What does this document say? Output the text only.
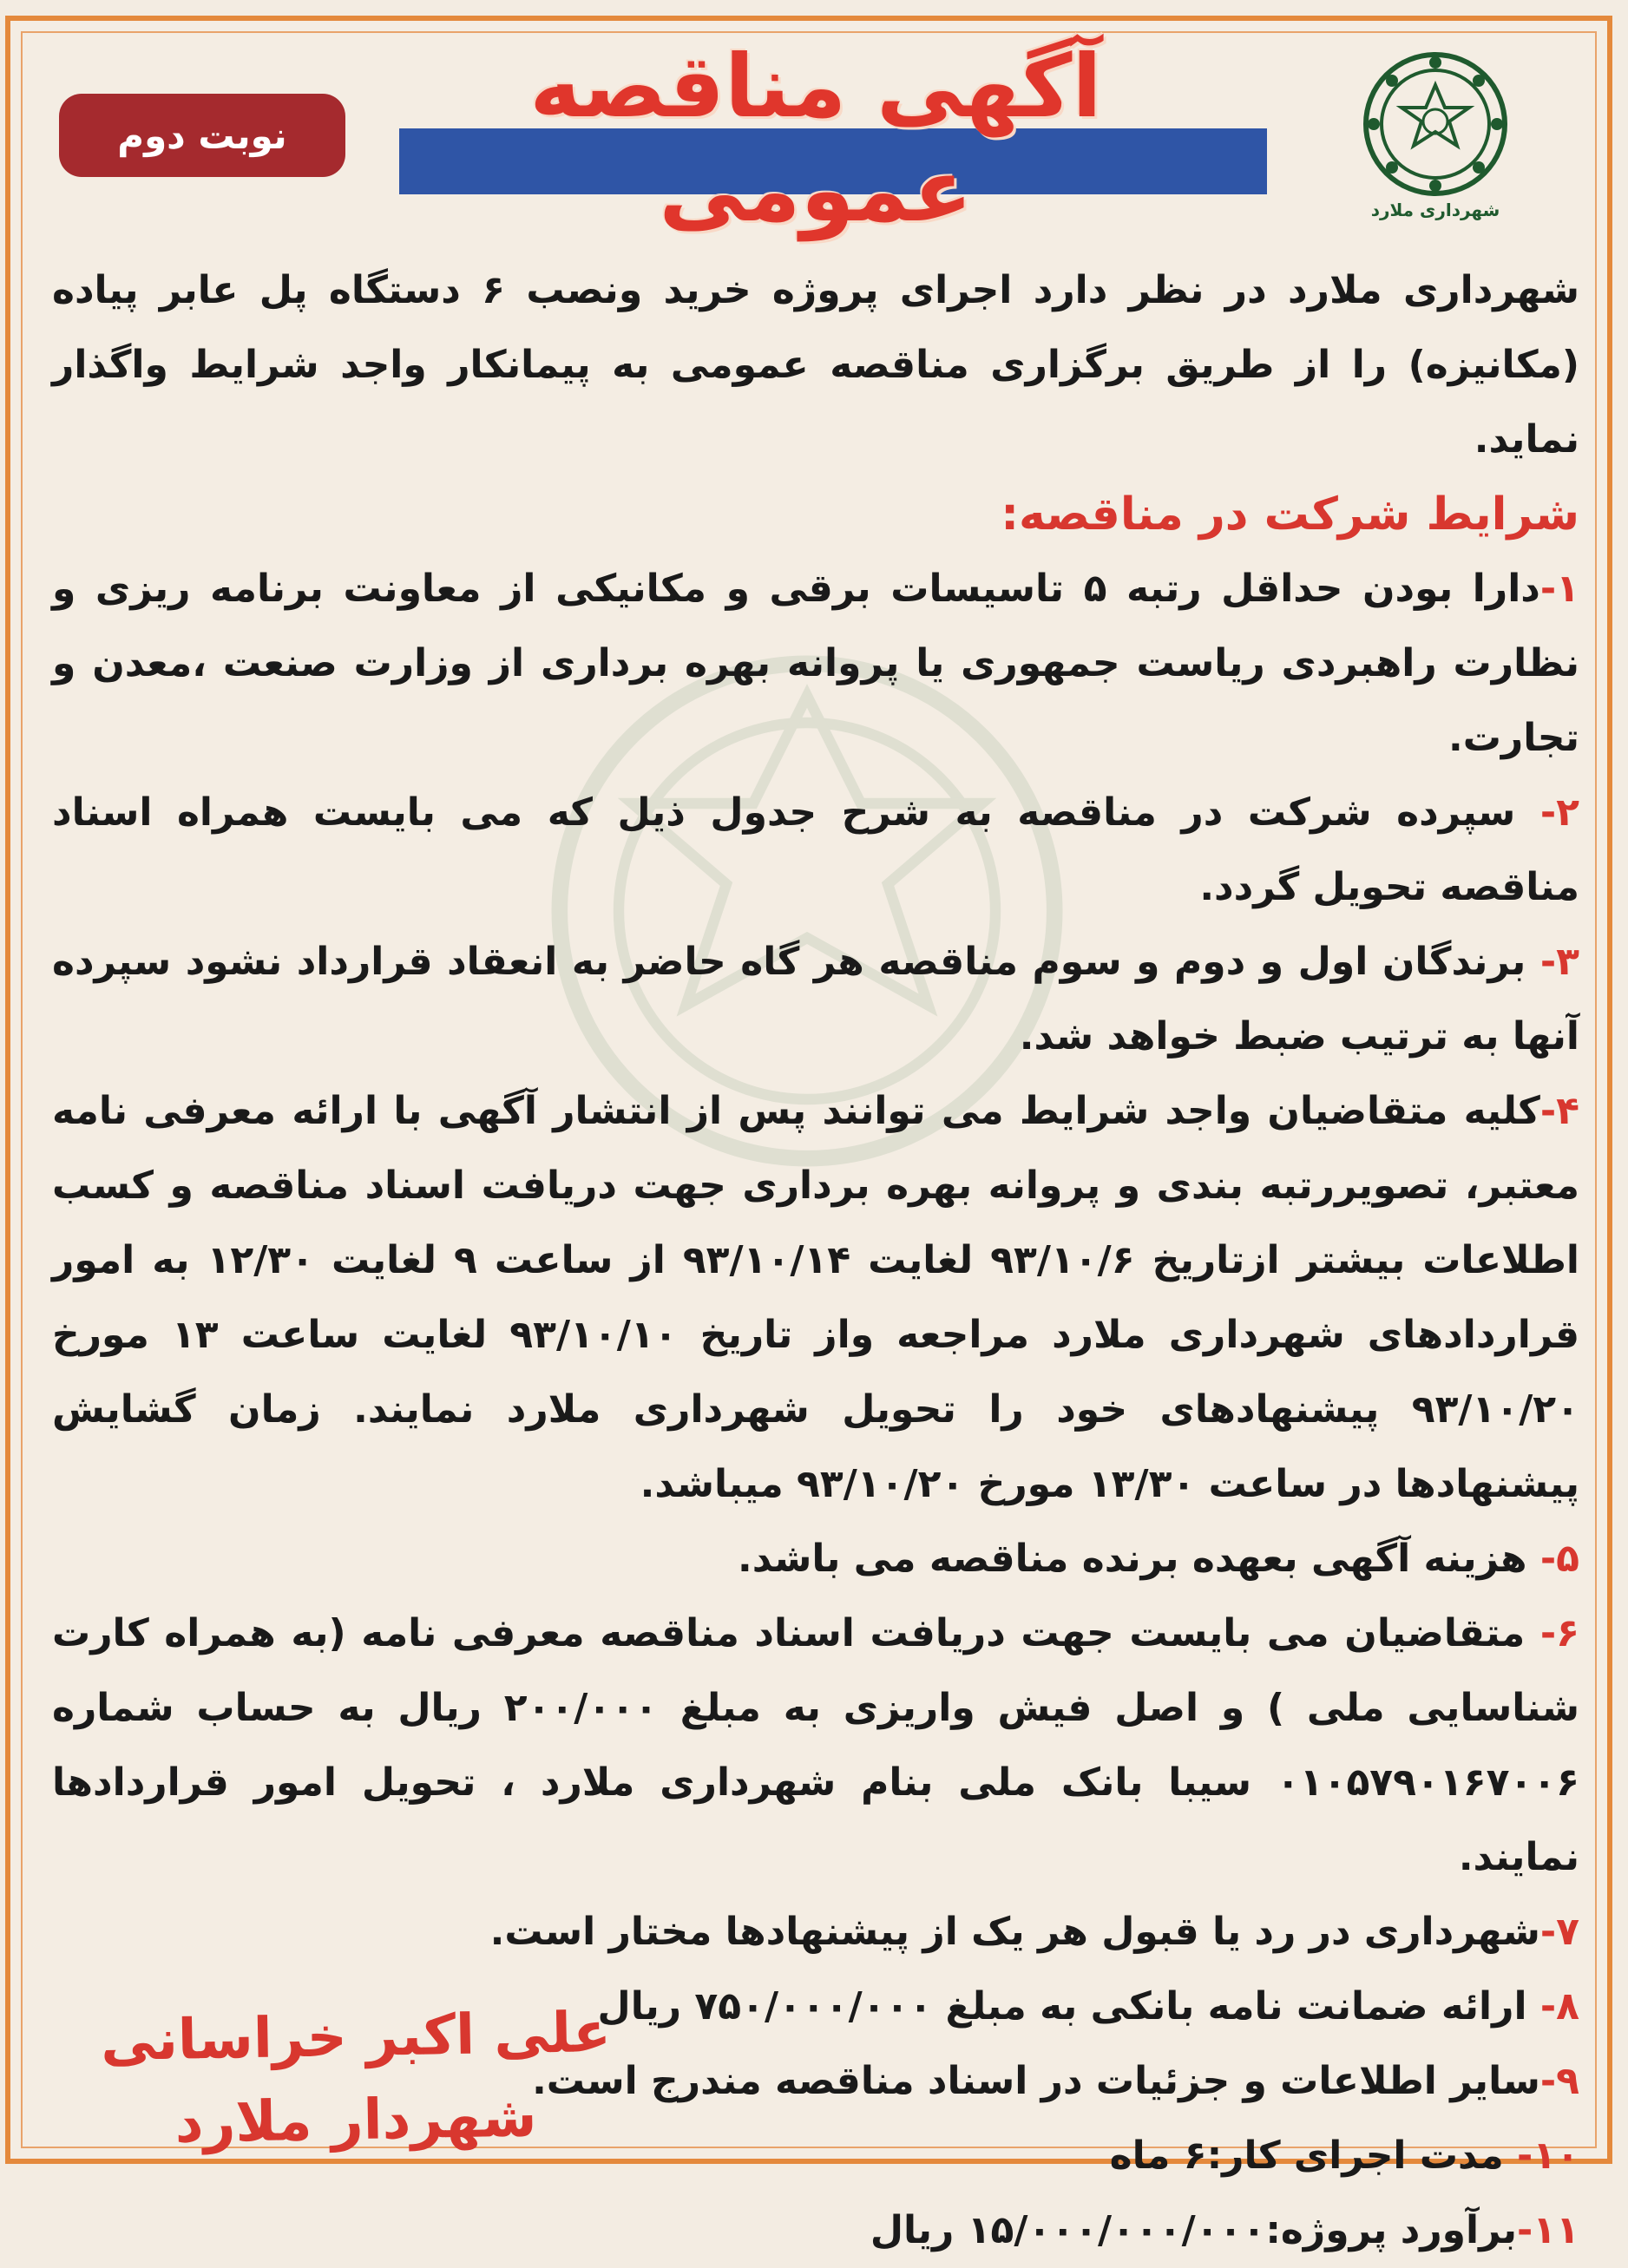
شهرداری ملارد
آگهی مناقصه عمومی
نوبت دوم

شهرداری ملارد در نظر دارد اجرای پروژه خرید ونصب ۶ دستگاه پل عابر پیاده (مکانیزه) را از طریق برگزاری مناقصه عمومی به پیمانکار واجد شرایط واگذار نماید.

شرایط شرکت در مناقصه:

۱-دارا بودن حداقل رتبه ۵ تاسیسات برقی و مکانیکی از معاونت برنامه ریزی و نظارت راهبردی ریاست جمهوری یا پروانه بهره برداری از وزارت صنعت ،معدن و تجارت.

۲- سپرده شرکت در مناقصه به شرح جدول ذیل که می بایست همراه اسناد مناقصه تحویل گردد.

۳- برندگان اول و دوم و سوم مناقصه هر گاه حاضر به انعقاد قرارداد نشود سپرده آنها به ترتیب ضبط خواهد شد.

۴-کلیه متقاضیان واجد شرایط می توانند پس از انتشار آگهی با ارائه معرفی نامه معتبر، تصویررتبه بندی و پروانه بهره برداری جهت دریافت اسناد مناقصه و کسب اطلاعات بیشتر ازتاریخ ۹۳/۱۰/۶ لغایت ۹۳/۱۰/۱۴ از ساعت ۹ لغایت ۱۲/۳۰ به امور قراردادهای شهرداری ملارد مراجعه واز تاریخ ۹۳/۱۰/۱۰ لغایت ساعت ۱۳ مورخ ۹۳/۱۰/۲۰ پیشنهادهای خود را تحویل شهرداری ملارد نمایند. زمان گشایش پیشنهادها در ساعت ۱۳/۳۰ مورخ ۹۳/۱۰/۲۰ میباشد.

۵- هزینه آگهی بعهده برنده مناقصه می باشد.

۶- متقاضیان می بایست جهت دریافت اسناد مناقصه معرفی نامه (به همراه کارت شناسایی ملی ) و اصل فیش واریزی به مبلغ ۲۰۰/۰۰۰ ریال به حساب شماره ۰۱۰۵۷۹۰۱۶۷۰۰۶ سیبا بانک ملی بنام شهرداری ملارد ، تحویل امور قراردادها نمایند.

۷-شهرداری در رد یا قبول هر یک از پیشنهادها مختار است.

۸- ارائه ضمانت نامه بانکی به مبلغ ۷۵۰/۰۰۰/۰۰۰ ریال

۹-سایر اطلاعات و جزئیات در اسناد مناقصه مندرج است.

۱۰- مدت اجرای کار:۶ ماه

۱۱-برآورد پروژه:۱۵/۰۰۰/۰۰۰/۰۰۰ ریال

علی اکبر خراسانی
شهردار ملارد
